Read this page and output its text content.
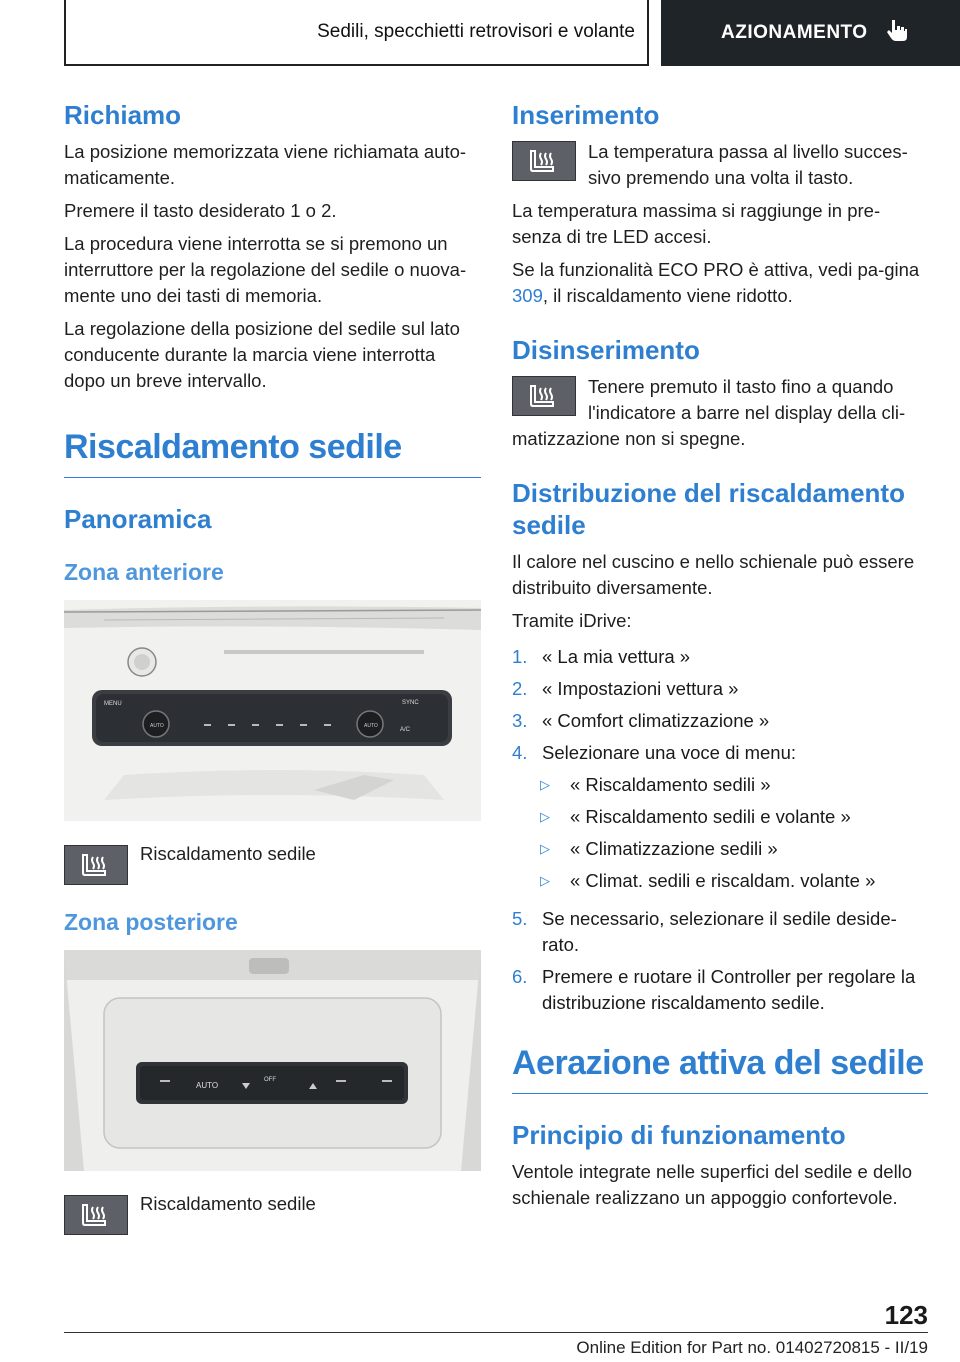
Sedili, specchietti retrovisori e volante	AZIONAMENTO
Richiamo

La posizione memorizzata viene richiamata auto-maticamente.

Premere il tasto desiderato 1 o 2.

La procedura viene interrotta se si premono un interruttore per la regolazione del sedile o nuova-mente uno dei tasti di memoria.

La regolazione della posizione del sedile sul lato conducente durante la marcia viene interrotta dopo un breve intervallo.

Riscaldamento sedile
Panoramica
Zona anteriore
MENU
AUTO	AUTO
SYNC
A/C

Riscaldamento sedile

Zona posteriore
AUTO
OFF

Riscaldamento sedile

Inserimento

La temperatura passa al livello succes-sivo premendo una volta il tasto.

La temperatura massima si raggiunge in pre-senza di tre LED accesi.

Se la funzionalità ECO PRO è attiva, vedi pa-gina 309, il riscaldamento viene ridotto.

Disinserimento

Tenere premuto il tasto fino a quando l'indicatore a barre nel display della cli-matizzazione non si spegne.

Distribuzione del riscaldamento sedile

Il calore nel cuscino e nello schienale può essere distribuito diversamente.

Tramite iDrive:

1. « La mia vettura »
2. « Impostazioni vettura »
3. « Comfort climatizzazione »
4. Selezionare una voce di menu:
▷	« Riscaldamento sedili »
▷	« Riscaldamento sedili e volante »
▷	« Climatizzazione sedili »
▷	« Climat. sedili e riscaldam. volante »
5. Se necessario, selezionare il sedile deside-rato.
6. Premere e ruotare il Controller per regolare la distribuzione riscaldamento sedile.
Aerazione attiva del sedile
Principio di funzionamento

Ventole integrate nelle superfici del sedile e dello schienale realizzano un appoggio confortevole.

123
Online Edition for Part no. 01402720815 - II/19
